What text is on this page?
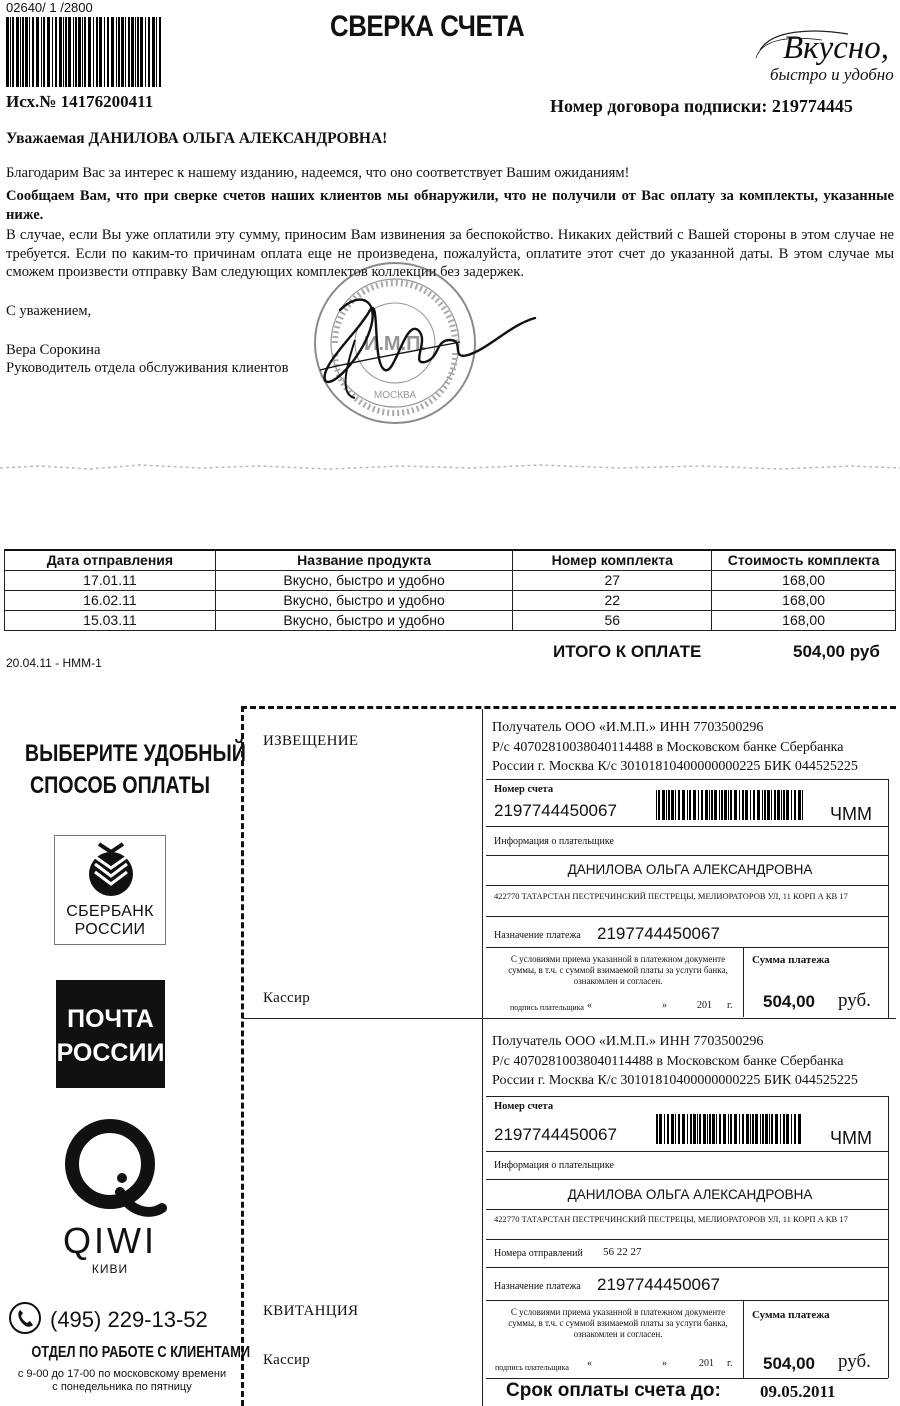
02640/ 1 /2800
СВЕРКА СЧЕТА
Вкусно,
быстро и удобно
Исх.№ 14176200411	Номер договора подписки: 219774445
Уважаемая ДАНИЛОВА ОЛЬГА АЛЕКСАНДРОВНА!
Благодарим Вас за интерес к нашему изданию, надеемся, что оно соответствует Вашим ожиданиям!
Сообщаем Вам, что при сверке счетов наших клиентов мы обнаружили, что не получили от Вас оплату за комплекты, указанные ниже.
В случае, если Вы уже оплатили эту сумму, приносим Вам извинения за беспокойство. Никаких действий с Вашей стороны в этом случае не требуется. Если по каким-то причинам оплата еще не произведена, пожалуйста, оплатите этот счет до указанной даты. В этом случае мы сможем произвести отправку Вам следующих комплектов коллекции без задержек.
С уважением,
Вера Сорокина
Руководитель отдела обслуживания клиентов
И.М.П.
МОСКВА
Дата отправления	Название продукта	Номер комплекта	Стоимость комплекта
17.01.11	Вкусно, быстро и удобно	27	168,00
16.02.11	Вкусно, быстро и удобно	22	168,00
15.03.11	Вкусно, быстро и удобно	56	168,00
ИТОГО К ОПЛАТЕ	504,00 руб
20.04.11 - НММ-1
ВЫБЕРИТЕ УДОБНЫЙ
СПОСОБ ОПЛАТЫ
СБЕРБАНК
РОССИИ
ПОЧТА
РОССИИ
QIWI
КИВИ
(495) 229-13-52
ОТДЕЛ ПО РАБОТЕ С КЛИЕНТАМИ
с 9-00 до 17-00 по московскому времени
с понедельника по пятницу
ИЗВЕЩЕНИЕ
Кассир
Получатель ООО «И.М.П.» ИНН 7703500296
Р/с 40702810038040114488 в Московском банке Сбербанка
России г. Москва К/с 30101810400000000225 БИК 044525225
Номер счета
2197744450067	ЧММ
Информация о плательщике
ДАНИЛОВА ОЛЬГА АЛЕКСАНДРОВНА
422770 ТАТАРСТАН ПЕСТРЕЧИНСКИЙ ПЕСТРЕЦЫ, МЕЛИОРАТОРОВ УЛ, 11 КОРП А КВ 17
Назначение платежа 2197744450067
С условиями приема указанной в платежном документе суммы, в т.ч. с суммой взимаемой платы за услуги банка, ознакомлен и согласен.
Сумма платежа
подпись плательщика «	»	201 г. 504,00 руб.
КВИТАНЦИЯ
Кассир
Получатель ООО «И.М.П.» ИНН 7703500296
Р/с 40702810038040114488 в Московском банке Сбербанка
России г. Москва К/с 30101810400000000225 БИК 044525225
Номер счета
2197744450067	ЧММ
Информация о плательщике
ДАНИЛОВА ОЛЬГА АЛЕКСАНДРОВНА
422770 ТАТАРСТАН ПЕСТРЕЧИНСКИЙ ПЕСТРЕЦЫ, МЕЛИОРАТОРОВ УЛ, 11 КОРП А КВ 17
Номера отправлений 56 22 27
Назначение платежа 2197744450067
С условиями приема указанной в платежном документе суммы, в т.ч. с суммой взимаемой платы за услуги банка, ознакомлен и согласен.
Сумма платежа
подпись плательщика «	»	201 г. 504,00 руб.
Срок оплаты счета до: 09.05.2011
